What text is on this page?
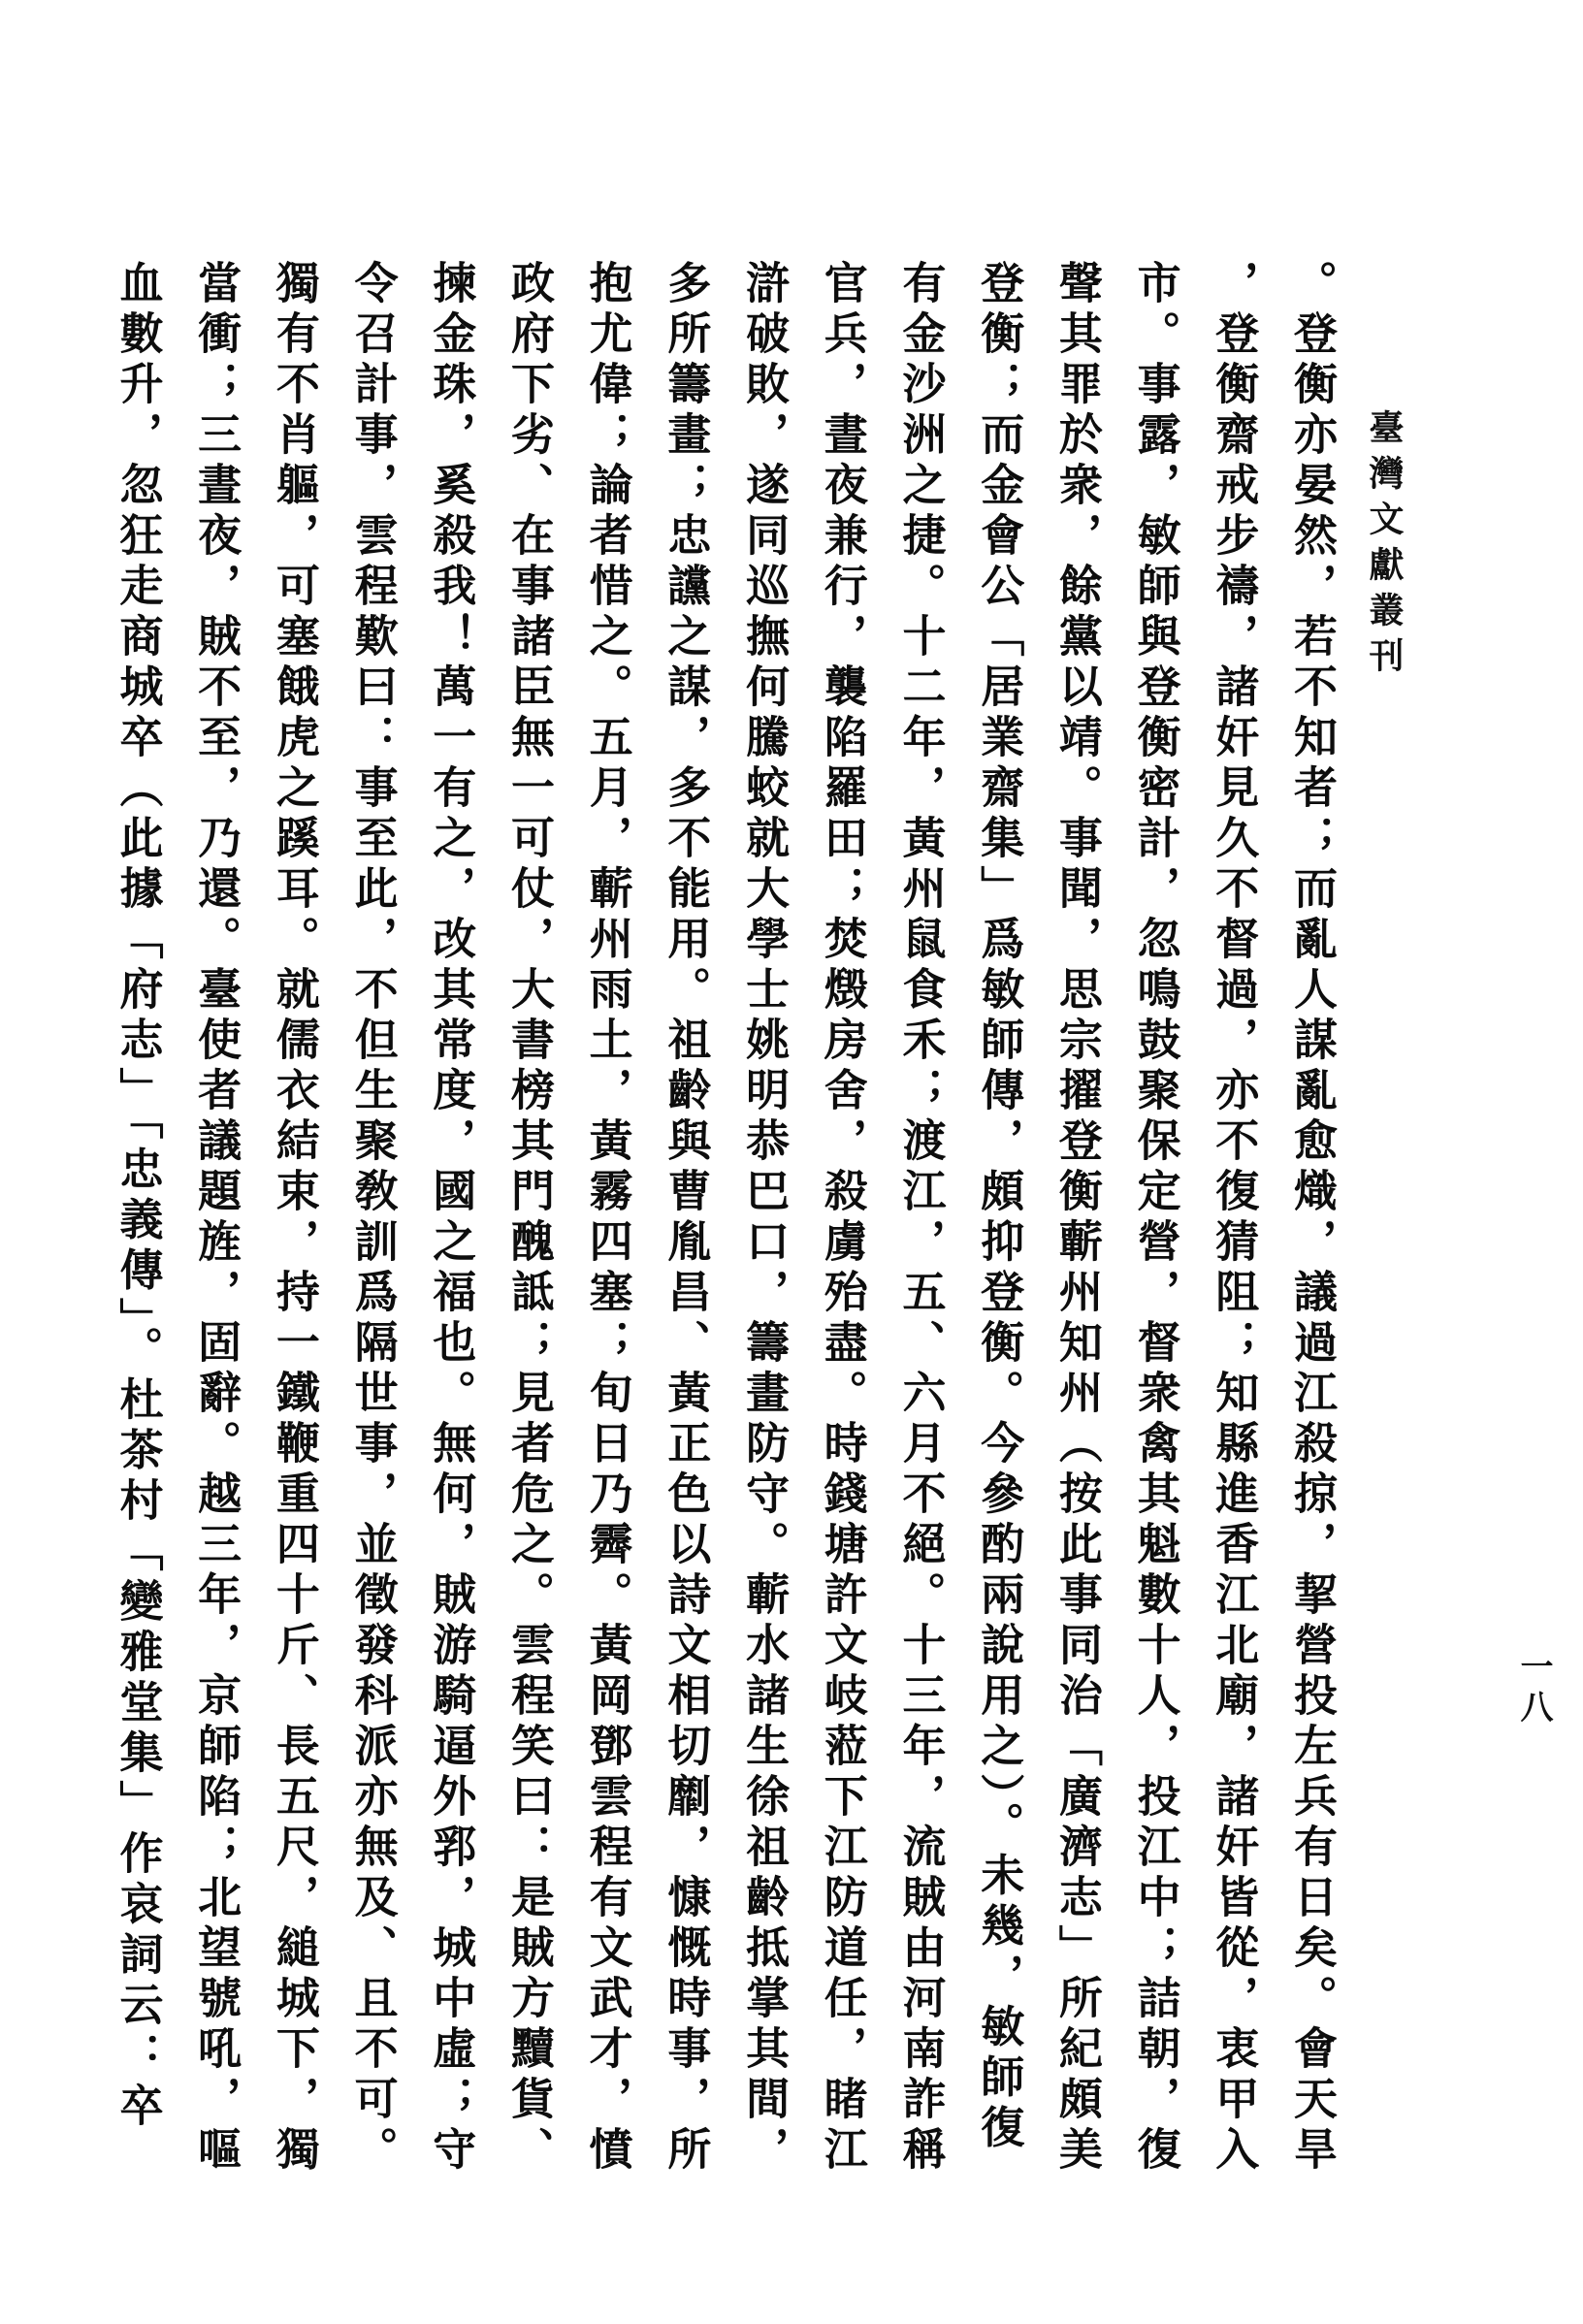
臺灣文獻叢刊
一八
。登衡亦晏然，若不知者；而亂人謀亂愈熾，議過江殺掠，挈營投左兵有日矣。會天旱
，登衡齋戒步禱，諸奸見久不督過，亦不復猜阻；知縣進香江北廟，諸奸皆從，衷甲入
市。事露，敏師與登衡密計，忽鳴鼓聚保定營，督衆禽其魁數十人，投江中；詰朝，復
聲其罪於衆，餘黨以靖。事聞，思宗擢登衡蘄州知州（按此事同治「廣濟志」所紀頗美
登衡；而金會公「居業齋集」爲敏師傳，頗抑登衡。今參酌兩說用之）。未幾，敏師復
有金沙洲之捷。十二年，黃州鼠食禾；渡江，五、六月不絕。十三年，流賊由河南詐稱
官兵，晝夜兼行，襲陷羅田；焚燬房舍，殺虜殆盡。時錢塘許文岐蒞下江防道任，睹江
滸破敗，遂同巡撫何騰蛟就大學士姚明恭巴口，籌畫防守。蘄水諸生徐祖齡抵掌其間，
多所籌畫；忠讜之謀，多不能用。祖齡與曹胤昌、黃正色以詩文相切劘，慷慨時事，所
抱尤偉；論者惜之。五月，蘄州雨土，黃霧四塞；旬日乃霽。黃岡鄧雲程有文武才，憤
政府下劣、在事諸臣無一可仗，大書榜其門醜詆；見者危之。雲程笑曰：是賊方黷貨、
揀金珠，奚殺我！萬一有之，改其常度，國之福也。無何，賊游騎逼外郛，城中虛；守
令召計事，雲程歎曰：事至此，不但生聚敎訓爲隔世事，並徵發科派亦無及、且不可。
獨有不肖軀，可塞餓虎之蹊耳。就儒衣結束，持一鐵鞭重四十斤、長五尺，縋城下，獨
當衝；三晝夜，賊不至，乃還。臺使者議題旌，固辭。越三年，京師陷；北望號吼，嘔
血數升，忽狂走商城卒（此據「府志」「忠義傳」。杜茶村「變雅堂集」作哀詞云：卒
